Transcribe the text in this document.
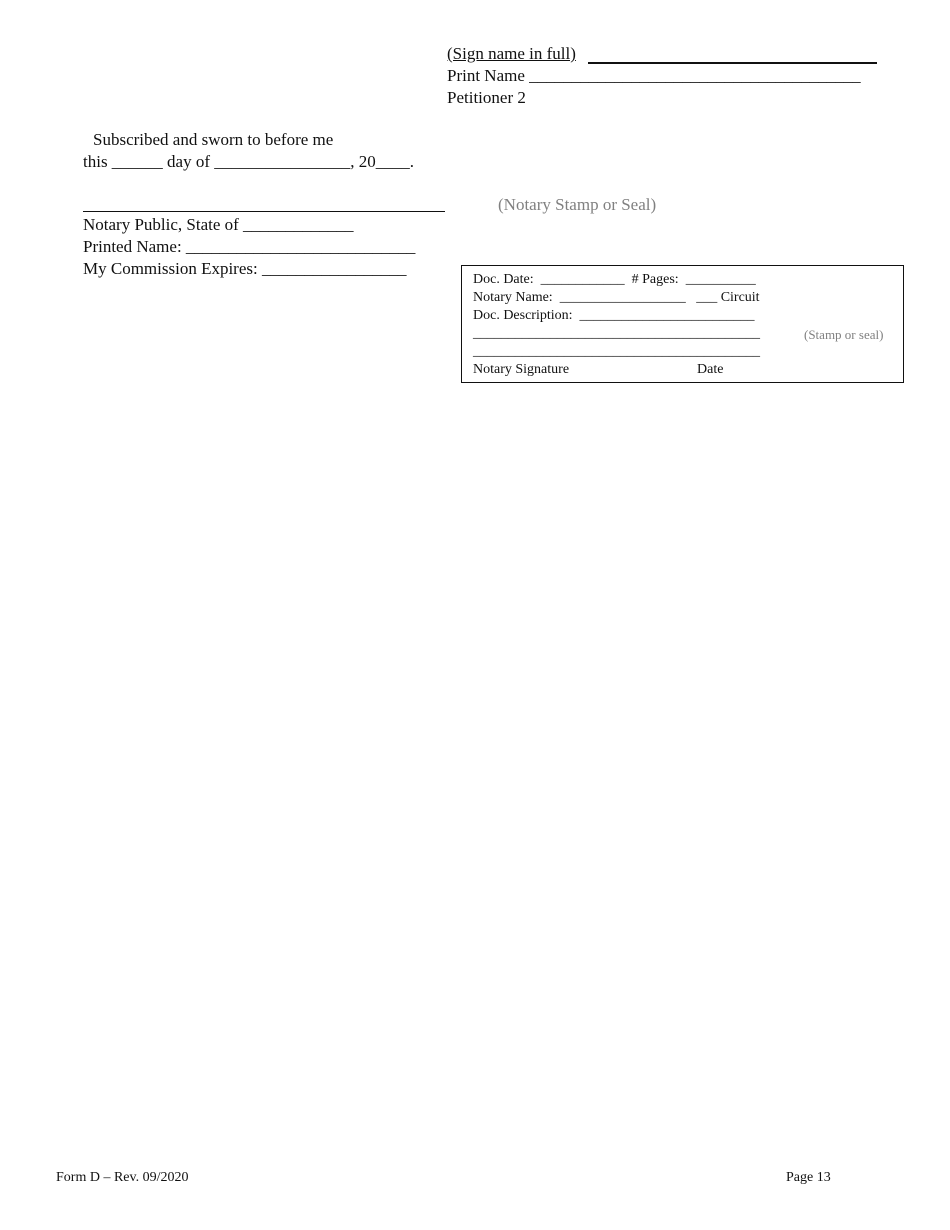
(Sign name in full)
Print Name _______________________________________
Petitioner 2
Subscribed and sworn to before me
this ______ day of ________________, 20____.
(Notary Stamp or Seal)
Notary Public, State of _____________
Printed Name: ___________________________
My Commission Expires: _________________
Doc. Date:  ____________  # Pages:  __________
Notary Name:  __________________   ___ Circuit
Doc. Description:  _________________________
_________________________________________	(Stamp or seal)
_________________________________________
Notary Signature	Date
Form D – Rev. 09/2020	Page 13
